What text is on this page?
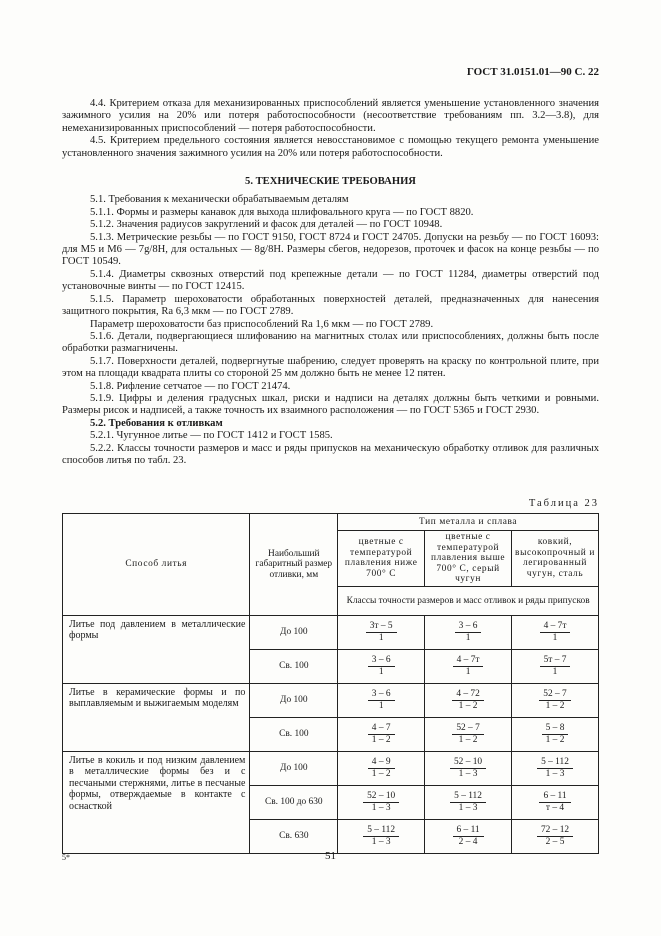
ГОСТ 31.0151.01—90 С. 22

4.4. Критерием отказа для механизированных приспособлений является уменьшение установленного значения зажимного усилия на 20% или потеря работоспособности (несоответствие требованиям пп. 3.2—3.8), для немеханизированных приспособлений — потеря работоспособности.

4.5. Критерием предельного состояния является невосстановимое с помощью текущего ремонта уменьшение установленного значения зажимного усилия на 20% или потеря работоспособности.

5. ТЕХНИЧЕСКИЕ ТРЕБОВАНИЯ

5.1. Требования к механически обрабатываемым деталям

5.1.1. Формы и размеры канавок для выхода шлифовального круга — по ГОСТ 8820.

5.1.2. Значения радиусов закруглений и фасок для деталей — по ГОСТ 10948.

5.1.3. Метрические резьбы — по ГОСТ 9150, ГОСТ 8724 и ГОСТ 24705. Допуски на резьбу — по ГОСТ 16093: для М5 и М6 — 7g/8H, для остальных — 8g/8H. Размеры сбегов, недорезов, проточек и фасок на конце резьбы — по ГОСТ 10549.

5.1.4. Диаметры сквозных отверстий под крепежные детали — по ГОСТ 11284, диаметры отверстий под установочные винты — по ГОСТ 12415.

5.1.5. Параметр шероховатости обработанных поверхностей деталей, предназначенных для нанесения защитного покрытия, Ra 6,3 мкм — по ГОСТ 2789.

Параметр шероховатости баз приспособлений Ra 1,6 мкм — по ГОСТ 2789.

5.1.6. Детали, подвергающиеся шлифованию на магнитных столах или приспособлениях, должны быть после обработки размагничены.

5.1.7. Поверхности деталей, подвергнутые шабрению, следует проверять на краску по контрольной плите, при этом на площади квадрата плиты со стороной 25 мм должно быть не менее 12 пятен.

5.1.8. Рифление сетчатое — по ГОСТ 21474.

5.1.9. Цифры и деления градусных шкал, риски и надписи на деталях должны быть четкими и ровными. Размеры рисок и надписей, а также точность их взаимного расположения — по ГОСТ 5365 и ГОСТ 2930.

5.2. Требования к отливкам

5.2.1. Чугунное литье — по ГОСТ 1412 и ГОСТ 1585.

5.2.2. Классы точности размеров и масс и ряды припусков на механическую обработку отливок для различных способов литья по табл. 23.

Таблица 23
Способ литья	Наибольший габаритный размер отливки, мм	Тип металла и сплава		
		цветные с температурой плавления ниже 700° С	цветные с температурой плавления выше 700° С, серый чугун	ковкий, высокопрочный и легированный чугун, сталь
		Классы точности размеров и масс отливок и ряды припусков		
Литье под давлением в металлические формы	До 100	$\frac{3т - 5}{1}$	$\frac{3 - 6}{1}$	$\frac{4 - 7т}{1}$

	Св. 100	$\frac{3 - 6}{1}$	$\frac{4 - 7т}{1}$	$\frac{5т - 7}{1}$

Литье в керамические формы и по выплавляемым и выжигаемым моделям	До 100	$\frac{3 - 6}{1}$	$\frac{4 - 72}{1 - 2}$	$\frac{52 - 7}{1 - 2}$

	Св. 100	$\frac{4 - 7}{1 - 2}$	$\frac{52 - 7}{1 - 2}$	$\frac{5 - 8}{1 - 2}$

Литье в кокиль и под низким давлением в металлические формы без и с песчаными стержнями, литье в песчаные формы, отверждаемые в контакте с оснасткой	До 100	$\frac{4 - 9}{1 - 2}$	$\frac{52 - 10}{1 - 3}$	$\frac{5 - 112}{1 - 3}$

	Св. 100 до 630	$\frac{52 - 10}{1 - 3}$	$\frac{5 - 112}{1 - 3}$	$\frac{6 - 11}{т - 4}$

	Св. 630	$\frac{5 - 112}{1 - 3}$	$\frac{6 - 11}{2 - 4}$	$\frac{72 - 12}{2 - 5}$
5*	51
